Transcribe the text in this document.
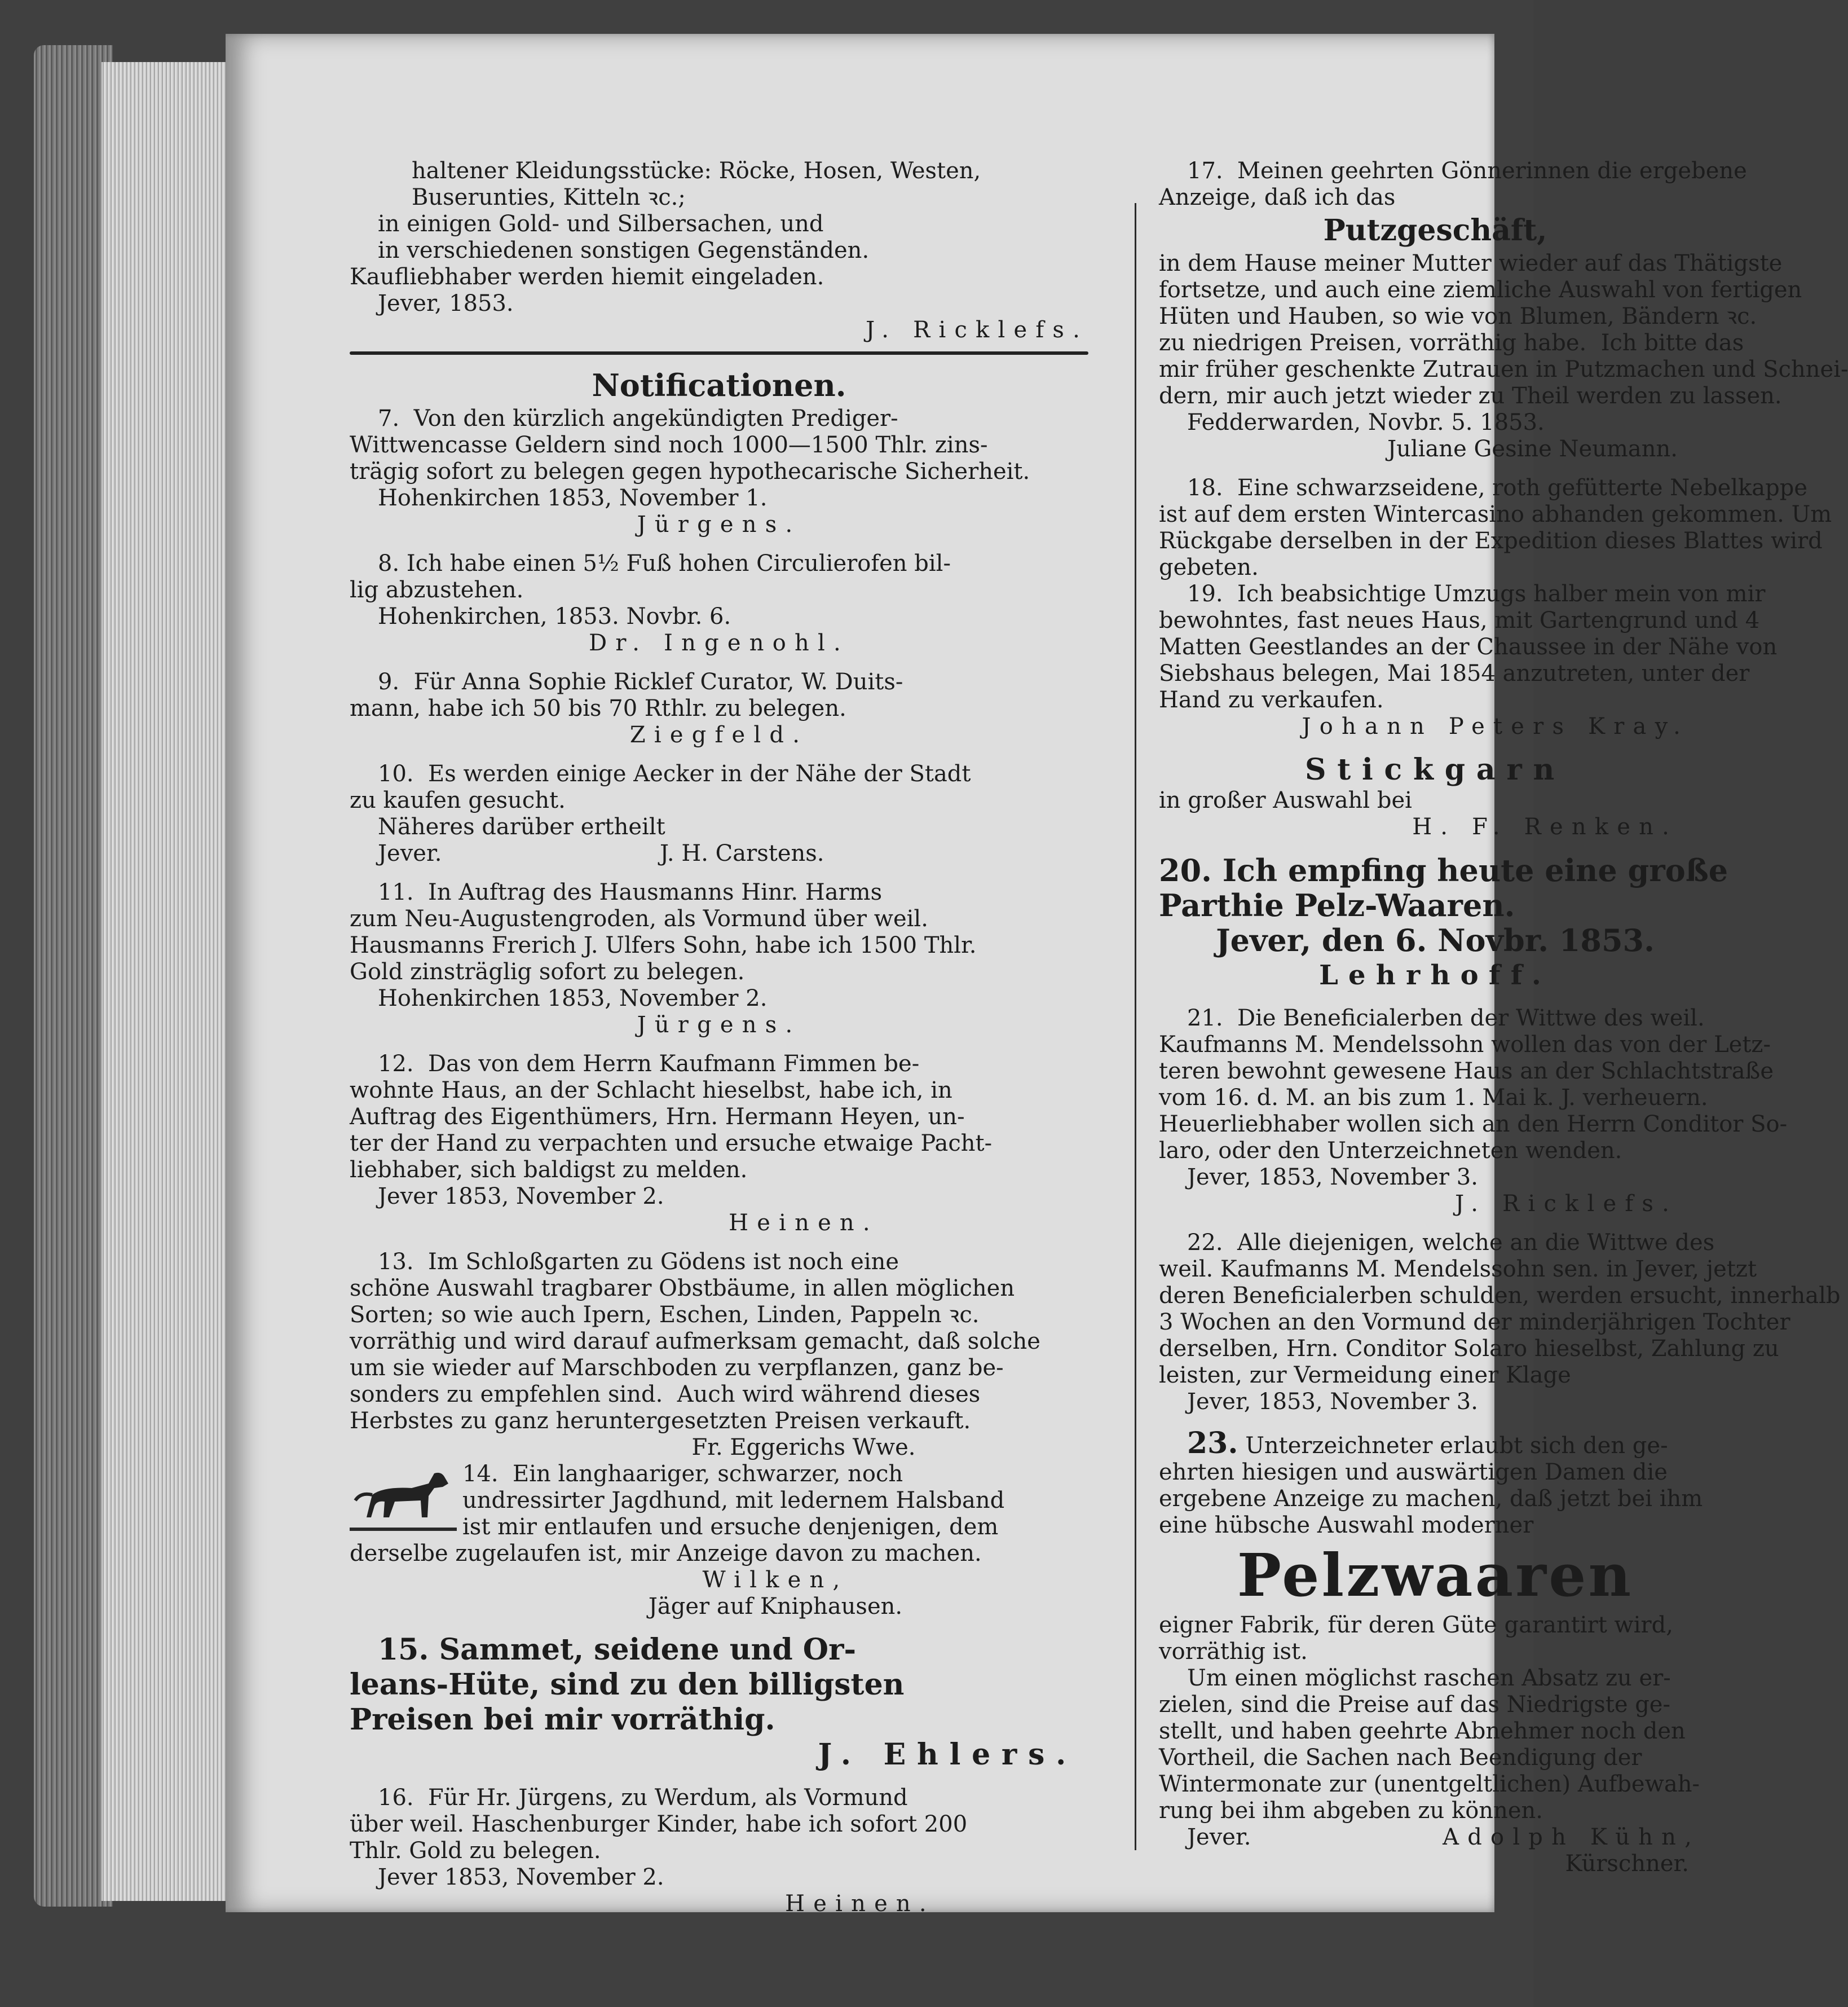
haltener Kleidungsstücke: Röcke, Hosen, Westen,
Buserunties, Kitteln ꝛc.;
in einigen Gold- und Silbersachen, und
in verschiedenen sonstigen Gegenständen.
Kaufliebhaber werden hiemit eingeladen.
Jever, 1853.
J. Ricklefs.
Notificationen.
7.  Von den kürzlich angekündigten Prediger-
Wittwencasse Geldern sind noch 1000—1500 Thlr. zins-
trägig sofort zu belegen gegen hypothecarische Sicherheit.
Hohenkirchen 1853, November 1.
Jürgens.
8. Ich habe einen 5½ Fuß hohen Circulierofen bil-
lig abzustehen.
Hohenkirchen, 1853. Novbr. 6.
Dr. Ingenohl.
9.  Für Anna Sophie Ricklef Curator, W. Duits-
mann, habe ich 50 bis 70 Rthlr. zu belegen.
Ziegfeld.
10.  Es werden einige Aecker in der Nähe der Stadt
zu kaufen gesucht.
Näheres darüber ertheilt
Jever.	J. H. Carstens.
11.  In Auftrag des Hausmanns Hinr. Harms
zum Neu-Augustengroden, als Vormund über weil.
Hausmanns Frerich J. Ulfers Sohn, habe ich 1500 Thlr.
Gold zinsträglig sofort zu belegen.
Hohenkirchen 1853, November 2.
Jürgens.
12.  Das von dem Herrn Kaufmann Fimmen be-
wohnte Haus, an der Schlacht hieselbst, habe ich, in
Auftrag des Eigenthümers, Hrn. Hermann Heyen, un-
ter der Hand zu verpachten und ersuche etwaige Pacht-
liebhaber, sich baldigst zu melden.
Jever 1853, November 2.
Heinen.
13.  Im Schloßgarten zu Gödens ist noch eine
schöne Auswahl tragbarer Obstbäume, in allen möglichen
Sorten; so wie auch Ipern, Eschen, Linden, Pappeln ꝛc.
vorräthig und wird darauf aufmerksam gemacht, daß solche
um sie wieder auf Marschboden zu verpflanzen, ganz be-
sonders zu empfehlen sind.  Auch wird während dieses
Herbstes zu ganz heruntergesetzten Preisen verkauft.
Fr. Eggerichs Wwe.
14.  Ein langhaariger, schwarzer, noch
undressirter Jagdhund, mit ledernem Halsband
ist mir entlaufen und ersuche denjenigen, dem
derselbe zugelaufen ist, mir Anzeige davon zu machen.
Wilken,
Jäger auf Kniphausen.
15. Sammet, seidene und Or-
leans-Hüte, sind zu den billigsten
Preisen bei mir vorräthig.
J. Ehlers.
16.  Für Hr. Jürgens, zu Werdum, als Vormund
über weil. Haschenburger Kinder, habe ich sofort 200
Thlr. Gold zu belegen.
Jever 1853, November 2.
Heinen.
17.  Meinen geehrten Gönnerinnen die ergebene
Anzeige, daß ich das
Putzgeschäft,
in dem Hause meiner Mutter wieder auf das Thätigste
fortsetze, und auch eine ziemliche Auswahl von fertigen
Hüten und Hauben, so wie von Blumen, Bändern ꝛc.
zu niedrigen Preisen, vorräthig habe.  Ich bitte das
mir früher geschenkte Zutrauen in Putzmachen und Schnei-
dern, mir auch jetzt wieder zu Theil werden zu lassen.
Fedderwarden, Novbr. 5. 1853.
Juliane Gesine Neumann.
18.  Eine schwarzseidene, roth gefütterte Nebelkappe
ist auf dem ersten Wintercasino abhanden gekommen. Um
Rückgabe derselben in der Expedition dieses Blattes wird
gebeten.
19.  Ich beabsichtige Umzugs halber mein von mir
bewohntes, fast neues Haus, mit Gartengrund und 4
Matten Geestlandes an der Chaussee in der Nähe von
Siebshaus belegen, Mai 1854 anzutreten, unter der
Hand zu verkaufen.
Johann Peters Kray.
Stickgarn
in großer Auswahl bei
H. F. Renken.
20. Ich empfing heute eine große
Parthie Pelz-Waaren.
Jever, den 6. Novbr. 1853.
Lehrhoff.
21.  Die Beneficialerben der Wittwe des weil.
Kaufmanns M. Mendelssohn wollen das von der Letz-
teren bewohnt gewesene Haus an der Schlachtstraße
vom 16. d. M. an bis zum 1. Mai k. J. verheuern.
Heuerliebhaber wollen sich an den Herrn Conditor So-
laro, oder den Unterzeichneten wenden.
Jever, 1853, November 3.
J. Ricklefs.
22.  Alle diejenigen, welche an die Wittwe des
weil. Kaufmanns M. Mendelssohn sen. in Jever, jetzt
deren Beneficialerben schulden, werden ersucht, innerhalb
3 Wochen an den Vormund der minderjährigen Tochter
derselben, Hrn. Conditor Solaro hieselbst, Zahlung zu
leisten, zur Vermeidung einer Klage
Jever, 1853, November 3.
23. Unterzeichneter erlaubt sich den ge-
ehrten hiesigen und auswärtigen Damen die
ergebene Anzeige zu machen, daß jetzt bei ihm
eine hübsche Auswahl moderner
Pelzwaaren
eigner Fabrik, für deren Güte garantirt wird,
vorräthig ist.
Um einen möglichst raschen Absatz zu er-
zielen, sind die Preise auf das Niedrigste ge-
stellt, und haben geehrte Abnehmer noch den
Vortheil, die Sachen nach Beendigung der
Wintermonate zur (unentgeltlichen) Aufbewah-
rung bei ihm abgeben zu können.
Jever.	Adolph Kühn,
Kürschner.
